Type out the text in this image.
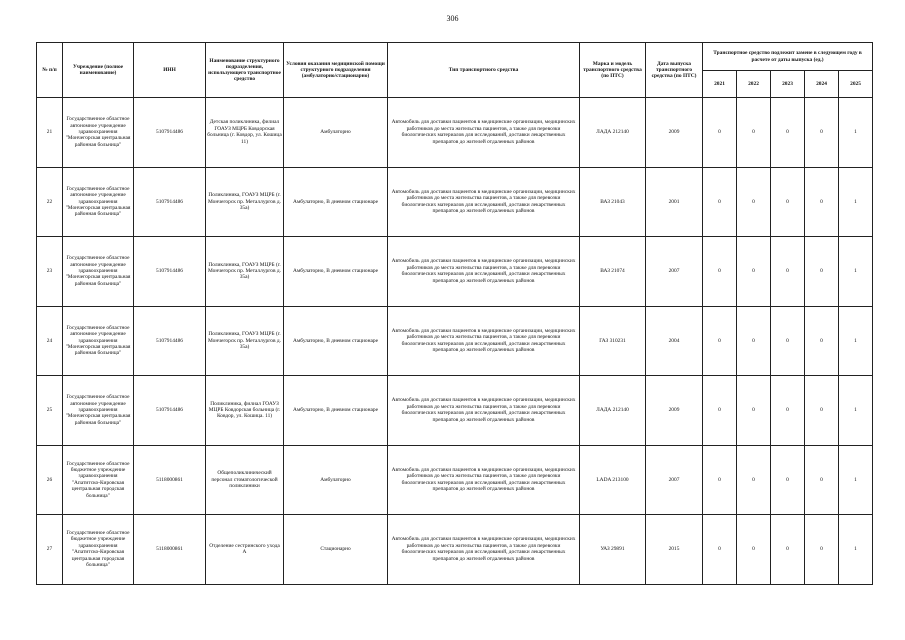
306
№ п/п	Учреждение (полное наименование)	ИНН	Наименование структурного подразделения, использующего транспортное средство	Условия оказания медицинской помощи структурного подразделения (амбулаторно/стационарно)	Тип транспортного средства	Марка и модель транспортного средства (по ПТС)	Дата выпуска транспортного средства (по ПТС)	Транспортное средство подлежит замене в следующем году в расчете от даты выпуска (ед.)				
								2021	2022	2023	2024	2025
21	Государственное областное автономное учреждение здравоохранения "Мончегорская центральная районная больница"	5107914486	Детская поликлиника, филиал ГОАУЗ МЦРБ Ковдорская больница (г. Ковдор, ул. Кошица 11)	Амбулаторно	Автомобиль для доставки пациентов в медицинские организации, медицинских работников до места жительства пациентов, а также для перевозки биологических материалов для исследований, доставки лекарственных препаратов до жителей отдаленных районов	ЛАДА 212140	2009	0	0	0	0	1
22	Государственное областное автономное учреждение здравоохранения "Мончегорская центральная районная больница"	5107914486	Поликлиника, ГОАУЗ МЦРБ (г. Мончегорск пр. Металлургов д. 35а)	Амбулаторно, В дневном стационаре	Автомобиль для доставки пациентов в медицинские организации, медицинских работников до места жительства пациентов, а также для перевозки биологических материалов для исследований, доставки лекарственных препаратов до жителей отдаленных районов	ВАЗ 21043	2001	0	0	0	0	1
23	Государственное областное автономное учреждение здравоохранения "Мончегорская центральная районная больница"	5107914486	Поликлиника, ГОАУЗ МЦРБ (г. Мончегорск пр. Металлургов д. 35а)	Амбулаторно, В дневном стационаре	Автомобиль для доставки пациентов в медицинские организации, медицинских работников до места жительства пациентов, а также для перевозки биологических материалов для исследований, доставки лекарственных препаратов до жителей отдаленных районов	ВАЗ 21074	2007	0	0	0	0	1
24	Государственное областное автономное учреждение здравоохранения "Мончегорская центральная районная больница"	5107914486	Поликлиника, ГОАУЗ МЦРБ (г. Мончегорск пр. Металлургов д. 35а)	Амбулаторно, В дневном стационаре	Автомобиль для доставки пациентов в медицинские организации, медицинских работников до места жительства пациентов, а также для перевозки биологических материалов для исследований, доставки лекарственных препаратов до жителей отдаленных районов	ГАЗ 310231	2004	0	0	0	0	1
25	Государственное областное автономное учреждение здравоохранения "Мончегорская центральная районная больница"	5107914486	Поликлиника, филиал ГОАУЗ МЦРБ Ковдорская больница (г. Ковдор, ул. Кошица. 11)	Амбулаторно, В дневном стационаре	Автомобиль для доставки пациентов в медицинские организации, медицинских работников до места жительства пациентов, а также для перевозки биологических материалов для исследований, доставки лекарственных препаратов до жителей отдаленных районов	ЛАДА 212140	2009	0	0	0	0	1
26	Государственное областное бюджетное учреждение здравоохранения "Апатитско-Кировская центральная городская больница"	5118000861	Общеполиклинический персонал стоматологической поликлиники	Амбулаторно	Автомобиль для доставки пациентов в медицинские организации, медицинских работников до места жительства пациентов, а также для перевозки биологических материалов для исследований, доставки лекарственных препаратов до жителей отдаленных районов	LADA 213100	2007	0	0	0	0	1
27	Государственное областное бюджетное учреждение здравоохранения "Апатитско-Кировская центральная городская больница"	5118000861	Отделение сестринского ухода А	Стационарно	Автомобиль для доставки пациентов в медицинские организации, медицинских работников до места жительства пациентов, а также для перевозки биологических материалов для исследований, доставки лекарственных препаратов до жителей отдаленных районов	УАЗ 29891	2015	0	0	0	0	1
